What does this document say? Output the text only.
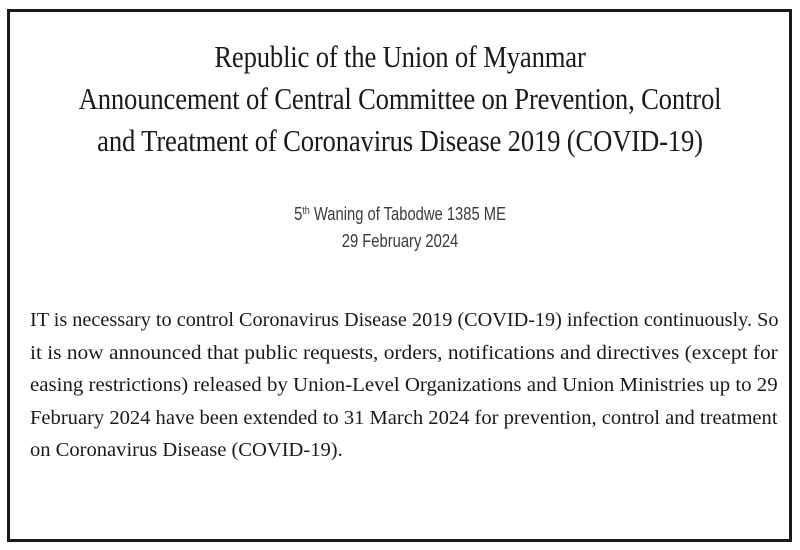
Republic of the Union of Myanmar
Announcement of Central Committee on Prevention, Control
and Treatment of Coronavirus Disease 2019 (COVID-19)
5th Waning of Tabodwe 1385 ME
29 February 2024
IT is necessary to control Coronavirus Disease 2019 (COVID-19) infection continuously. So
it is now announced that public requests, orders, notifications and directives (except for
easing restrictions) released by Union-Level Organizations and Union Ministries up to 29
February 2024 have been extended to 31 March 2024 for prevention, control and treatment
on Coronavirus Disease (COVID-19).
